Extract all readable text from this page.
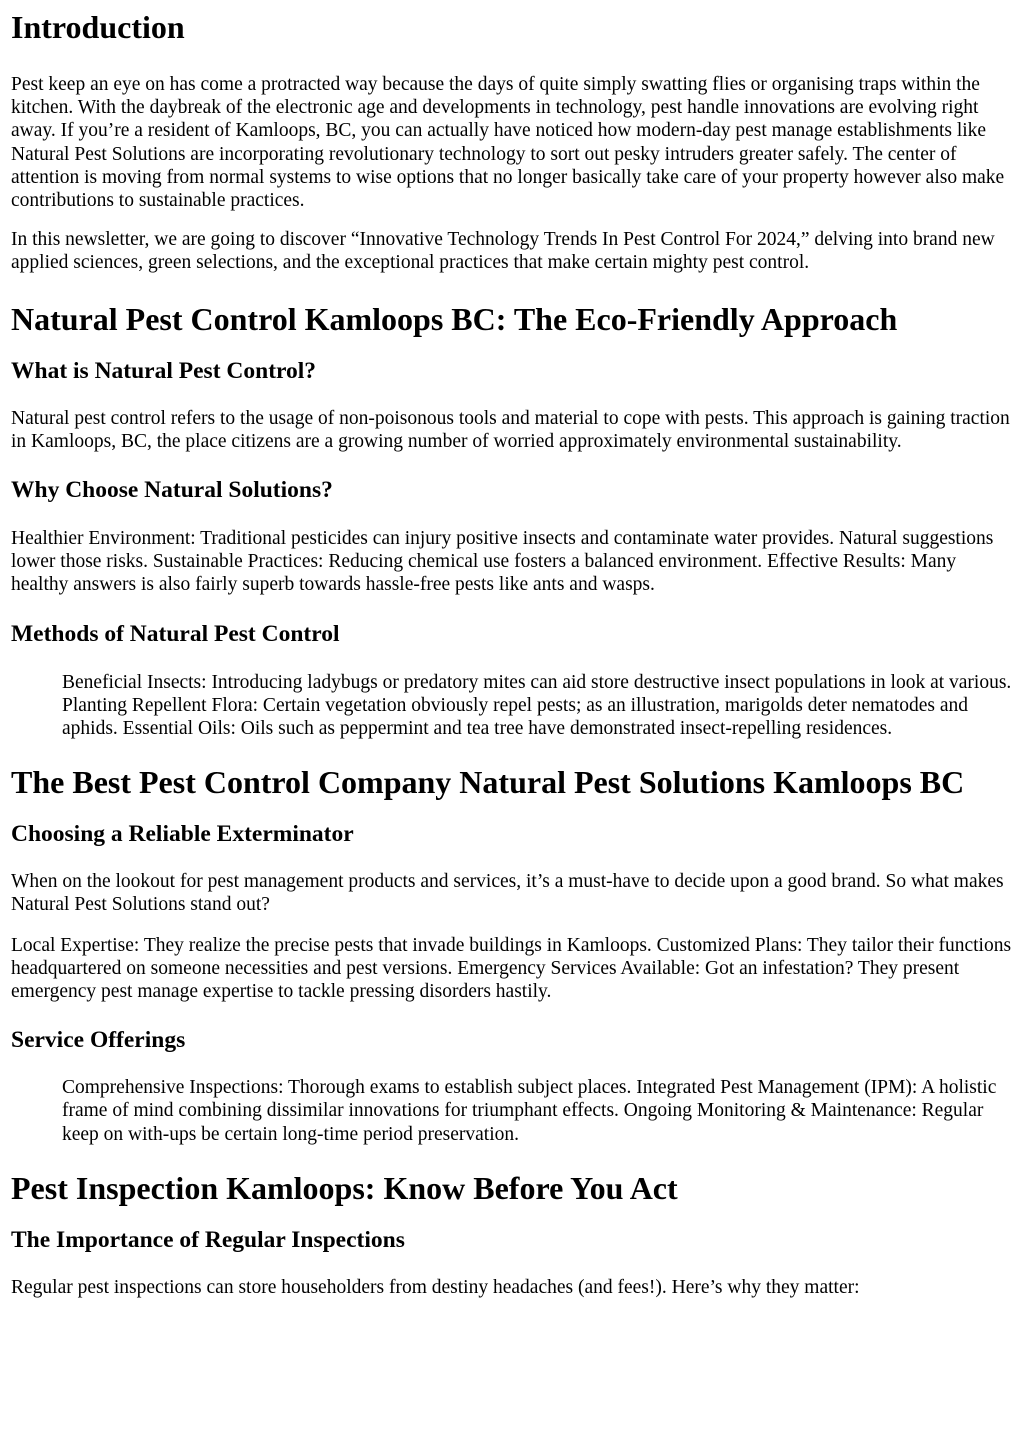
Introduction

Pest keep an eye on has come a protracted way because the days of quite simply swatting flies or organising traps within the kitchen. With the daybreak of the electronic age and developments in technology, pest handle innovations are evolving right away. If you’re a resident of Kamloops, BC, you can actually have noticed how modern-day pest manage establishments like Natural Pest Solutions are incorporating revolutionary technology to sort out pesky intruders greater safely. The center of attention is moving from normal systems to wise options that no longer basically take care of your property however also make contributions to sustainable practices.

In this newsletter, we are going to discover “Innovative Technology Trends In Pest Control For 2024,” delving into brand new applied sciences, green selections, and the exceptional practices that make certain mighty pest control.

Natural Pest Control Kamloops BC: The Eco-Friendly Approach
What is Natural Pest Control?

Natural pest control refers to the usage of non-poisonous tools and material to cope with pests. This approach is gaining traction in Kamloops, BC, the place citizens are a growing number of worried approximately environmental sustainability.

Why Choose Natural Solutions?

Healthier Environment: Traditional pesticides can injury positive insects and contaminate water provides. Natural suggestions lower those risks. Sustainable Practices: Reducing chemical use fosters a balanced environment. Effective Results: Many healthy answers is also fairly superb towards hassle-free pests like ants and wasps.

Methods of Natural Pest Control
Beneficial Insects: Introducing ladybugs or predatory mites can aid store destructive insect populations in look at various. Planting Repellent Flora: Certain vegetation obviously repel pests; as an illustration, marigolds deter nematodes and aphids. Essential Oils: Oils such as peppermint and tea tree have demonstrated insect-repelling residences.
The Best Pest Control Company Natural Pest Solutions Kamloops BC
Choosing a Reliable Exterminator

When on the lookout for pest management products and services, it’s a must-have to decide upon a good brand. So what makes Natural Pest Solutions stand out?

Local Expertise: They realize the precise pests that invade buildings in Kamloops. Customized Plans: They tailor their functions headquartered on someone necessities and pest versions. Emergency Services Available: Got an infestation? They present emergency pest manage expertise to tackle pressing disorders hastily.

Service Offerings
Comprehensive Inspections: Thorough exams to establish subject places. Integrated Pest Management (IPM): A holistic frame of mind combining dissimilar innovations for triumphant effects. Ongoing Monitoring & Maintenance: Regular keep on with-ups be certain long-time period preservation.
Pest Inspection Kamloops: Know Before You Act
The Importance of Regular Inspections

Regular pest inspections can store householders from destiny headaches (and fees!). Here’s why they matter:
